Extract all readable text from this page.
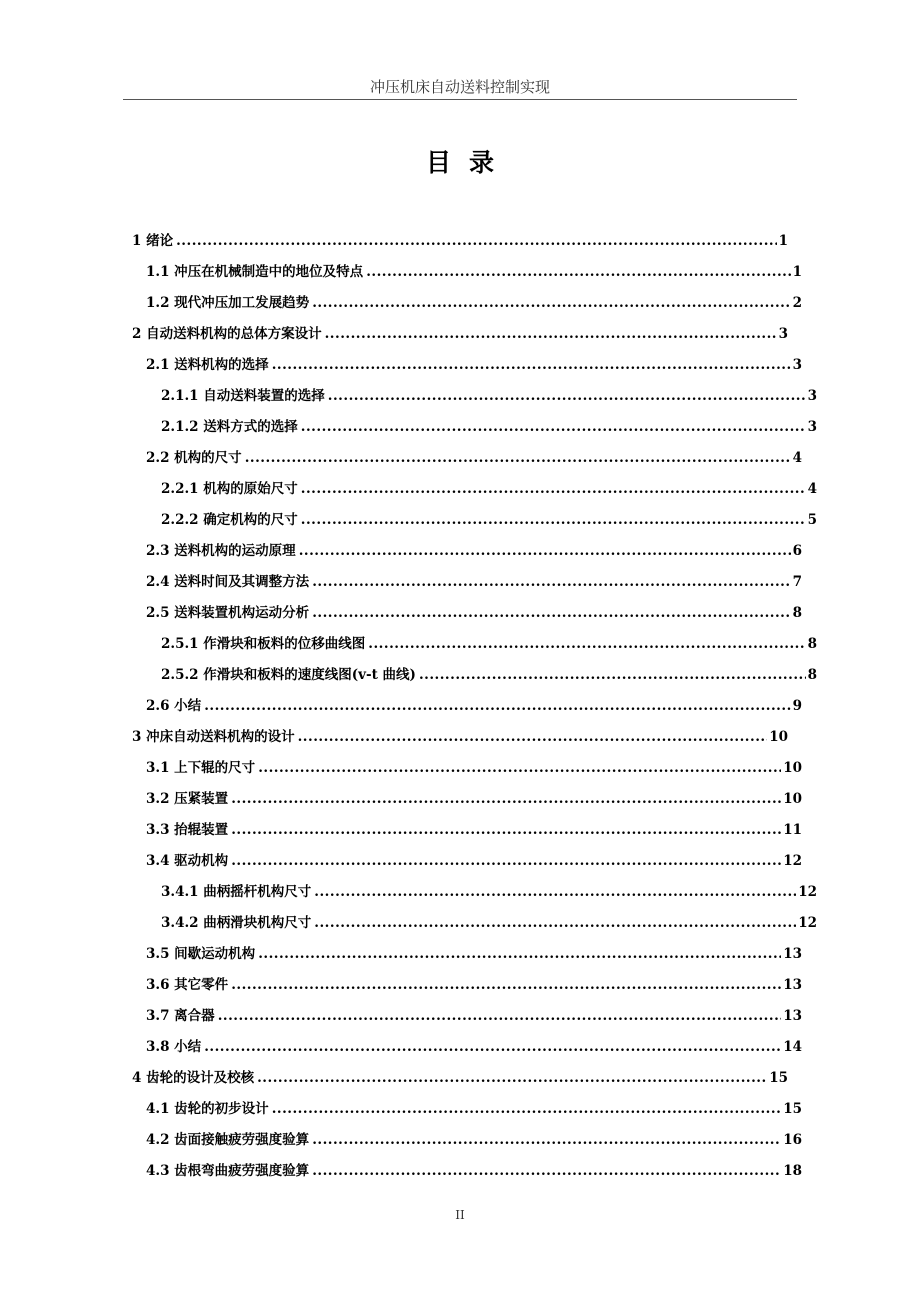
冲压机床自动送料控制实现
目录
1 绪论 .....	1
1.1 冲压在机械制造中的地位及特点 .....	1
1.2 现代冲压加工发展趋势 .....	2
2 自动送料机构的总体方案设计 .....	3
2.1 送料机构的选择 .....	3
2.1.1 自动送料装置的选择 .....	3
2.1.2 送料方式的选择 .....	3
2.2 机构的尺寸 .....	4
2.2.1 机构的原始尺寸 .....	4
2.2.2 确定机构的尺寸 .....	5
2.3 送料机构的运动原理 .....	6
2.4 送料时间及其调整方法 .....	7
2.5 送料装置机构运动分析 .....	8
2.5.1 作滑块和板料的位移曲线图 .....	8
2.5.2 作滑块和板料的速度线图(v-t 曲线) .....	8
2.6 小结 .....	9
3 冲床自动送料机构的设计 .....	10
3.1 上下辊的尺寸 .....	10
3.2 压紧装置 .....	10
3.3 抬辊装置 .....	11
3.4 驱动机构 .....	12
3.4.1 曲柄摇杆机构尺寸 .....	12
3.4.2 曲柄滑块机构尺寸 .....	12
3.5 间歇运动机构 .....	13
3.6 其它零件 .....	13
3.7 离合器 .....	13
3.8 小结 .....	14
4 齿轮的设计及校核 .....	15
4.1 齿轮的初步设计 .....	15
4.2 齿面接触疲劳强度验算 .....	16
4.3 齿根弯曲疲劳强度验算 .....	18
II
